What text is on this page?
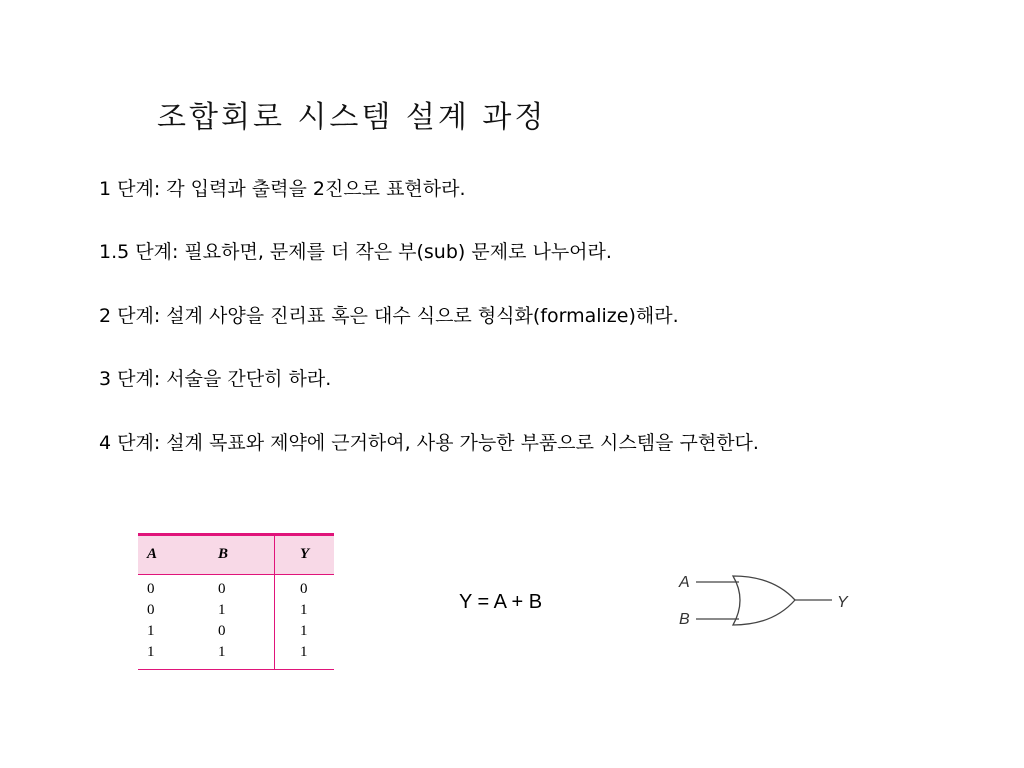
조합회로 시스템 설계 과정
1 단계: 각 입력과 출력을 2진으로 표현하라.
1.5 단계: 필요하면, 문제를 더 작은 부(sub) 문제로 나누어라.
2 단계: 설계 사양을 진리표 혹은 대수 식으로 형식화(formalize)해라.
3 단계: 서술을 간단히 하라.
4 단계: 설계 목표와 제약에 근거하여, 사용 가능한 부품으로 시스템을 구현한다.
A	B	Y
0	0	0
0	1	1
1	0	1
1	1	1
Y = A + B
A
B
Y
